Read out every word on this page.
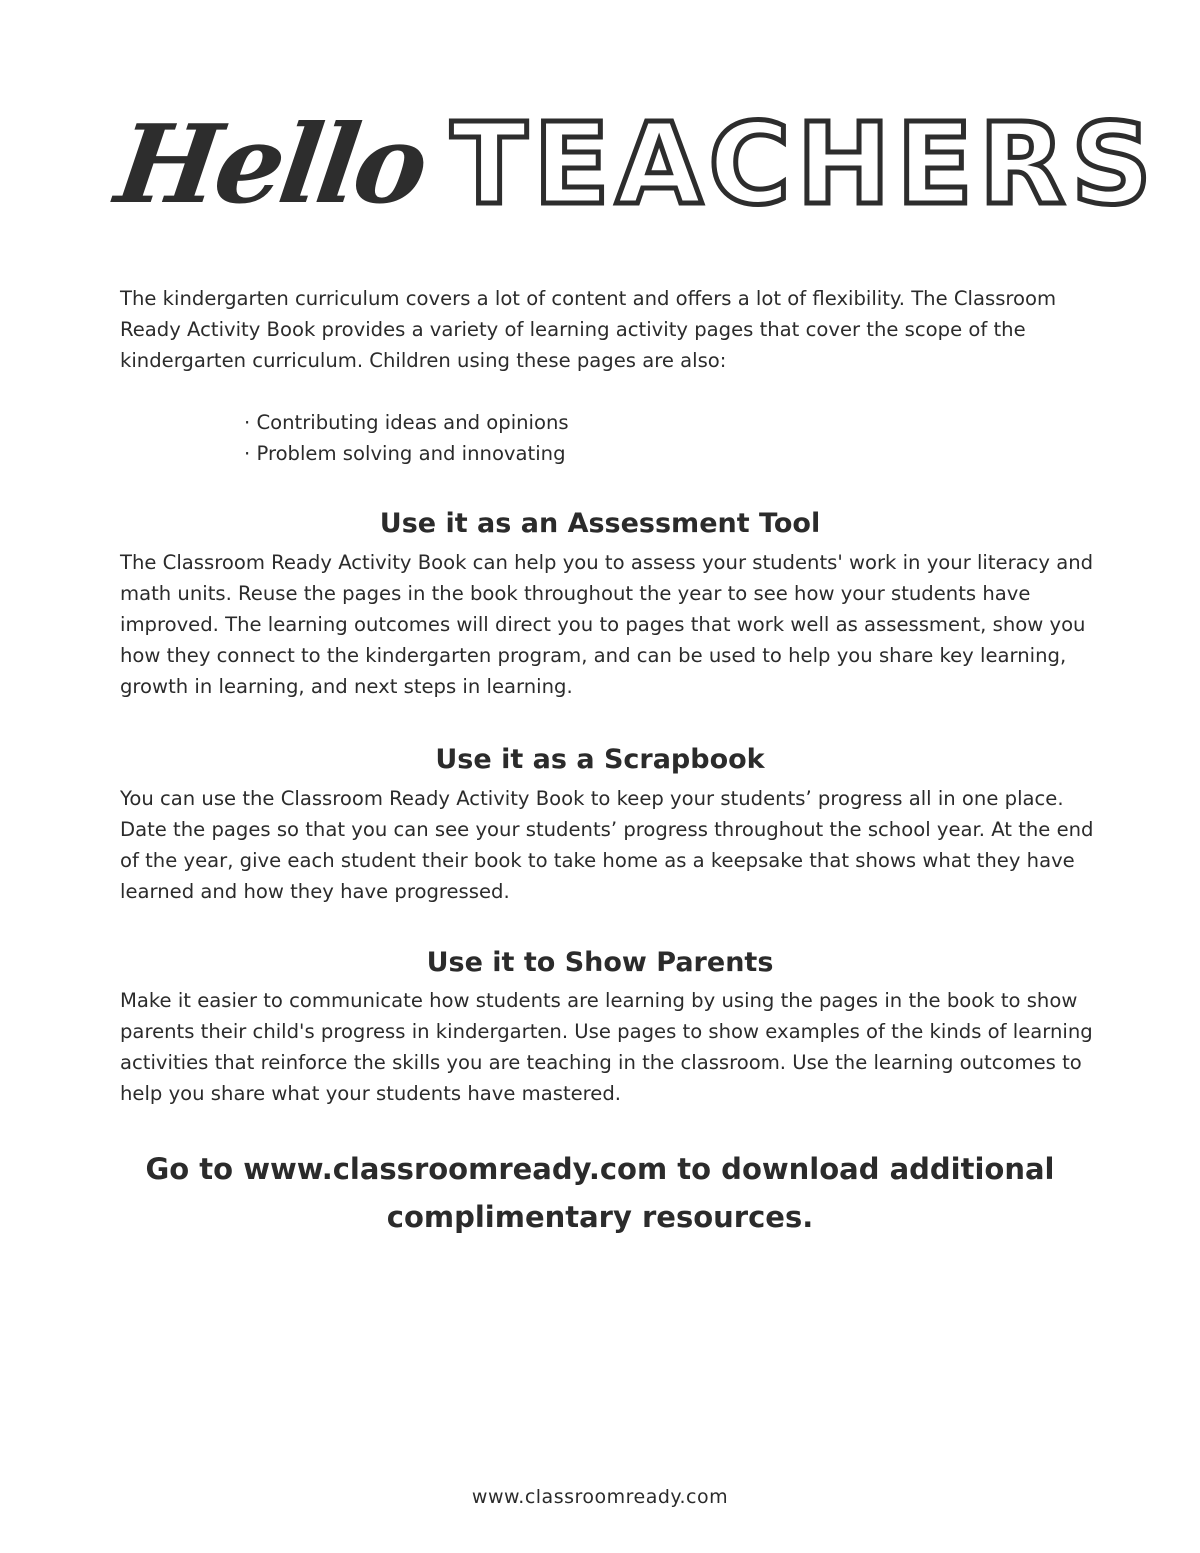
Hello TEACHERS

The kindergarten curriculum covers a lot of content and offers a lot of flexibility. The Classroom Ready Activity Book provides a variety of learning activity pages that cover the scope of the kindergarten curriculum. Children using these pages are also:

· Contributing ideas and opinions
· Problem solving and innovating
Use it as an Assessment Tool

The Classroom Ready Activity Book can help you to assess your students' work in your literacy and math units. Reuse the pages in the book throughout the year to see how your students have improved. The learning outcomes will direct you to pages that work well as assessment, show you how they connect to the kindergarten program, and can be used to help you share key learning, growth in learning, and next steps in learning.

Use it as a Scrapbook

You can use the Classroom Ready Activity Book to keep your students’ progress all in one place. Date the pages so that you can see your students’ progress throughout the school year. At the end of the year, give each student their book to take home as a keepsake that shows what they have learned and how they have progressed.

Use it to Show Parents

Make it easier to communicate how students are learning by using the pages in the book to show parents their child's progress in kindergarten. Use pages to show examples of the kinds of learning activities that reinforce the skills you are teaching in the classroom. Use the learning outcomes to help you share what your students have mastered.

Go to www.classroomready.com to download additional
complimentary resources.

www.classroomready.com
